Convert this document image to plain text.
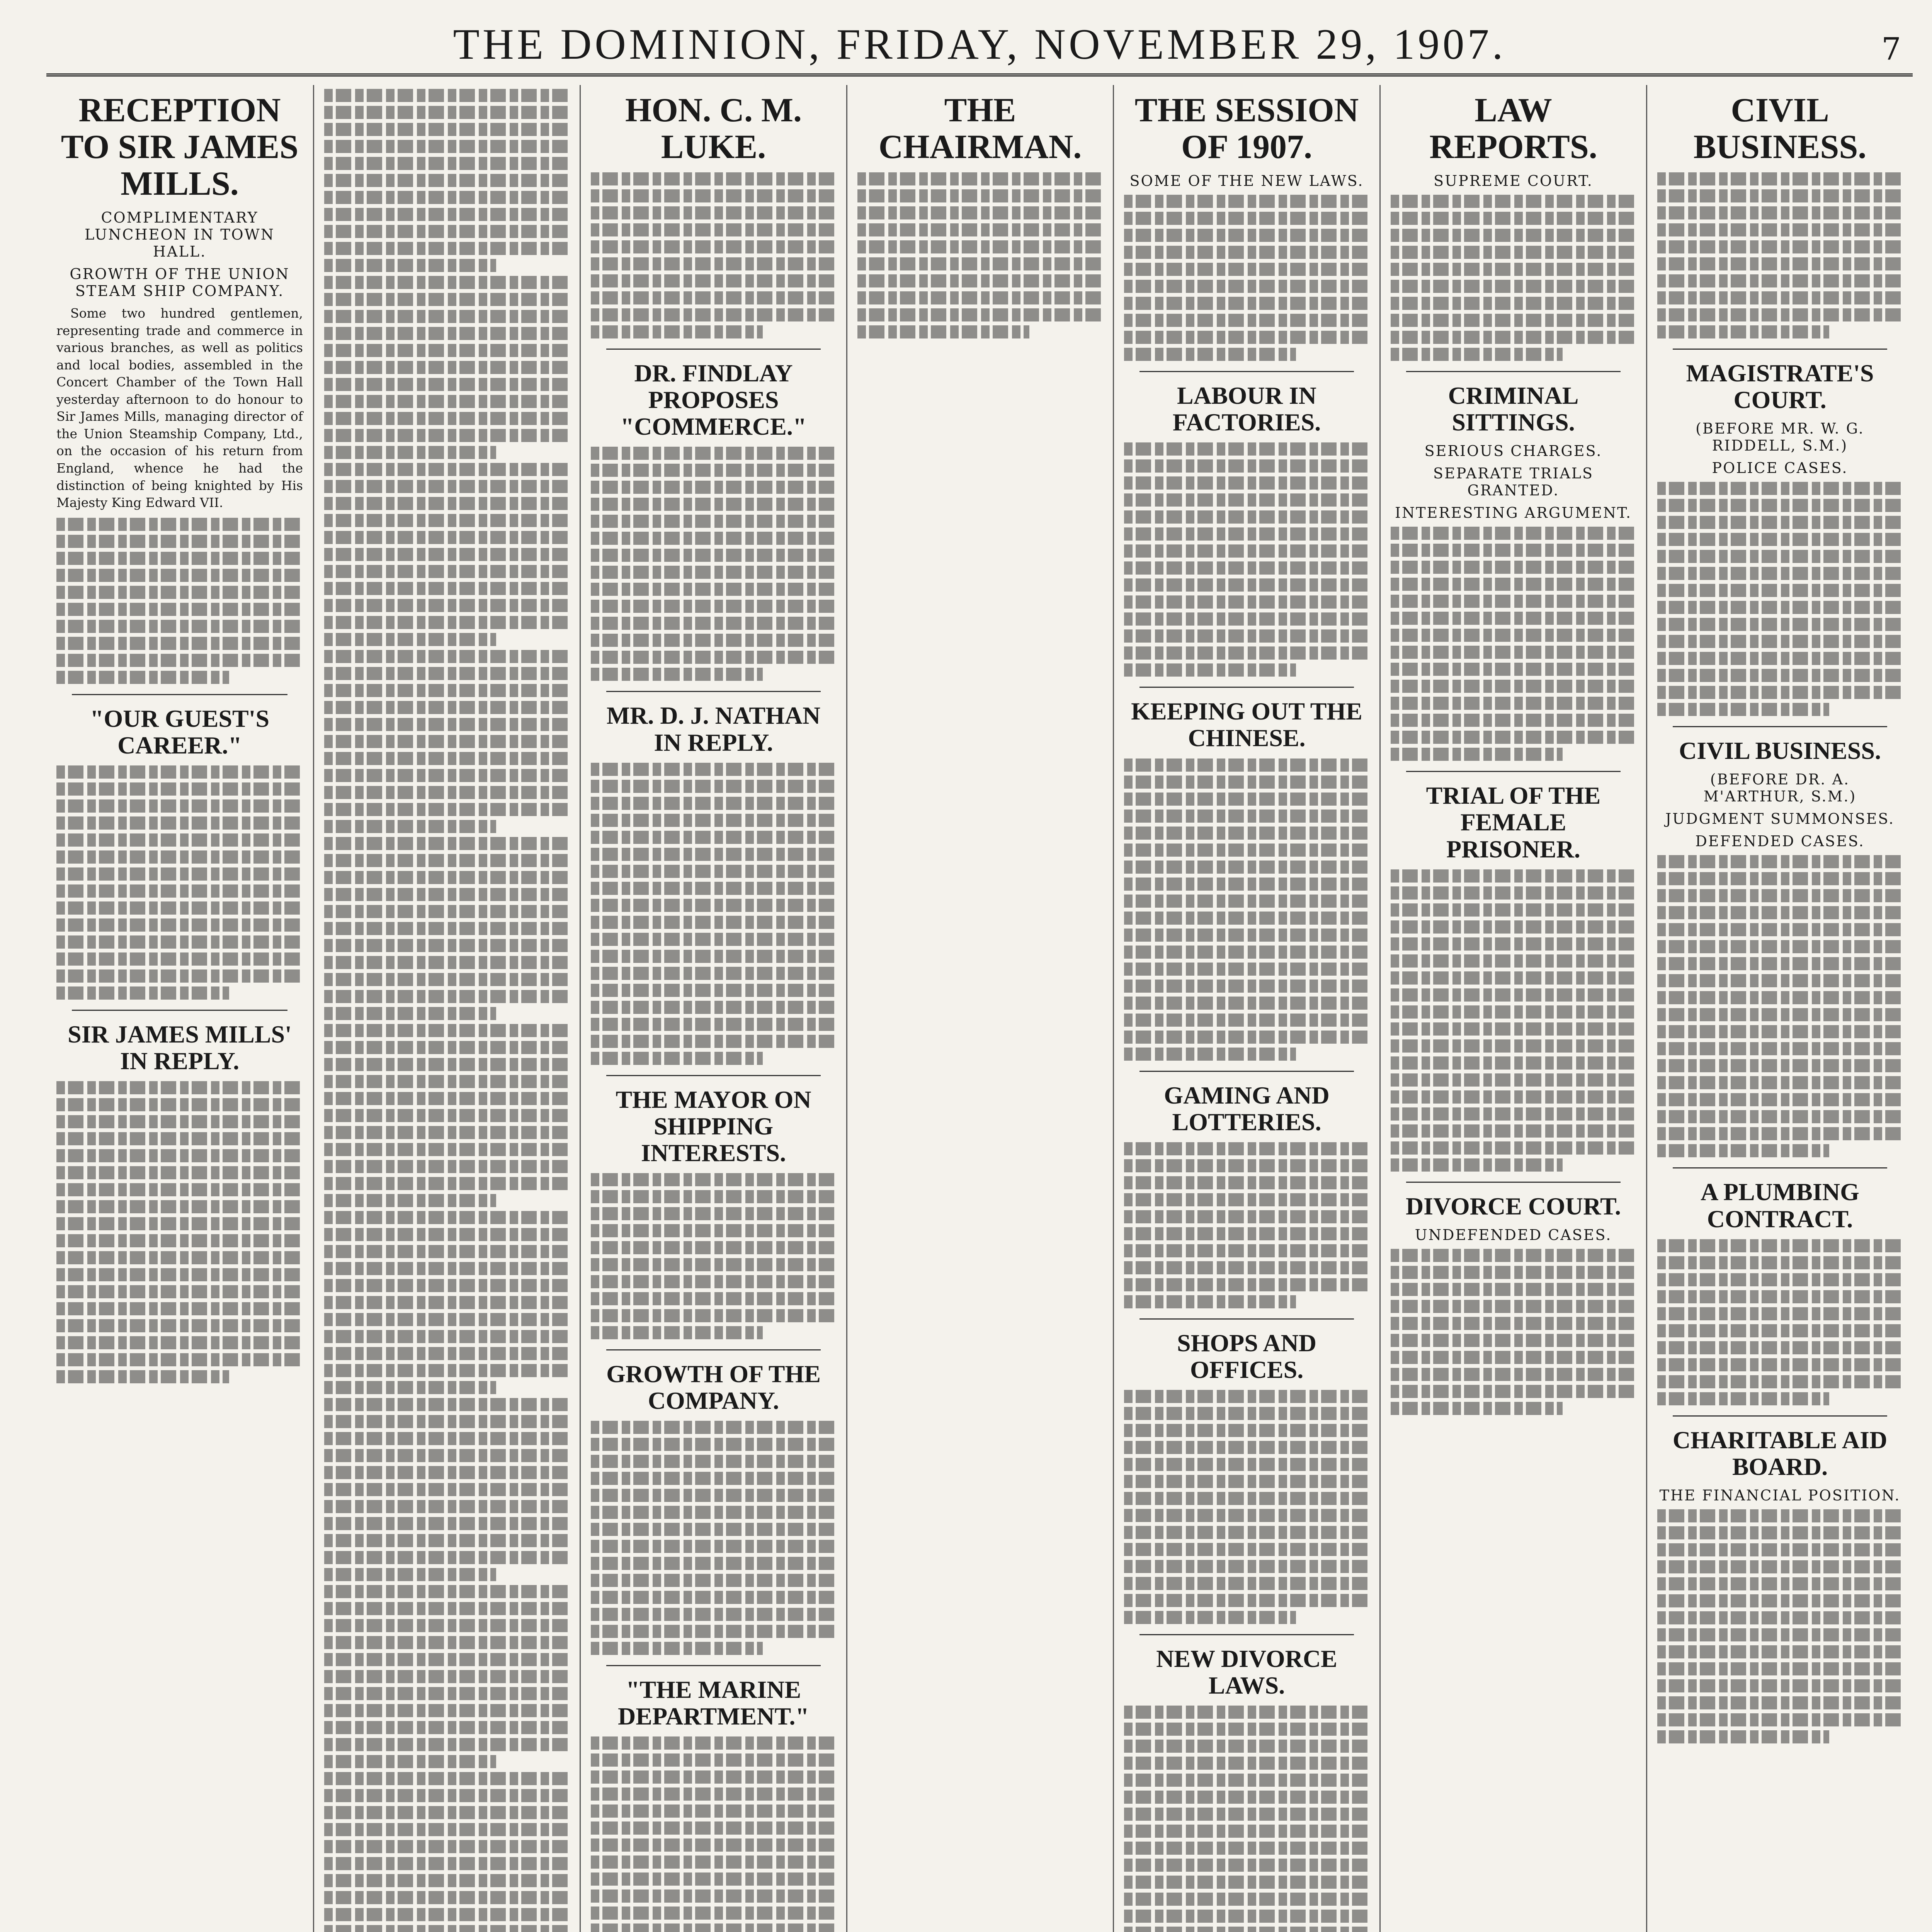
THE DOMINION, FRIDAY, NOVEMBER 29, 1907.	7
RECEPTION TO SIR JAMES MILLS.
COMPLIMENTARY LUNCHEON IN TOWN HALL.
GROWTH OF THE UNION STEAM SHIP COMPANY.
Some two hundred gentlemen, representing trade and commerce in various branches, as well as politics and local bodies, assembled in the Concert Chamber of the Town Hall yesterday afternoon to do honour to Sir James Mills, managing director of the Union Steamship Company, Ltd., on the occasion of his return from England, whence he had the distinction of being knighted by His Majesty King Edward VII.
"OUR GUEST'S CAREER."
SIR JAMES MILLS' IN REPLY.
HON. C. M. LUKE.
DR. FINDLAY PROPOSES "COMMERCE."
MR. D. J. NATHAN IN REPLY.
THE MAYOR ON SHIPPING INTERESTS.
GROWTH OF THE COMPANY.
"THE MARINE DEPARTMENT."
THE CHAIRMAN.
THE SESSION OF 1907.
SOME OF THE NEW LAWS.
LABOUR IN FACTORIES.
KEEPING OUT THE CHINESE.
GAMING AND LOTTERIES.
SHOPS AND OFFICES.
NEW DIVORCE LAWS.
LAW REPORTS.
SUPREME COURT.
CRIMINAL SITTINGS.
SERIOUS CHARGES.
SEPARATE TRIALS GRANTED.
INTERESTING ARGUMENT.
TRIAL OF THE FEMALE PRISONER.
DIVORCE COURT.
UNDEFENDED CASES.
CIVIL BUSINESS.
MAGISTRATE'S COURT.
(BEFORE MR. W. G. RIDDELL, S.M.)
POLICE CASES.
CIVIL BUSINESS.
(BEFORE DR. A. M'ARTHUR, S.M.)
JUDGMENT SUMMONSES.
DEFENDED CASES.
A PLUMBING CONTRACT.
CHARITABLE AID BOARD.
THE FINANCIAL POSITION.
